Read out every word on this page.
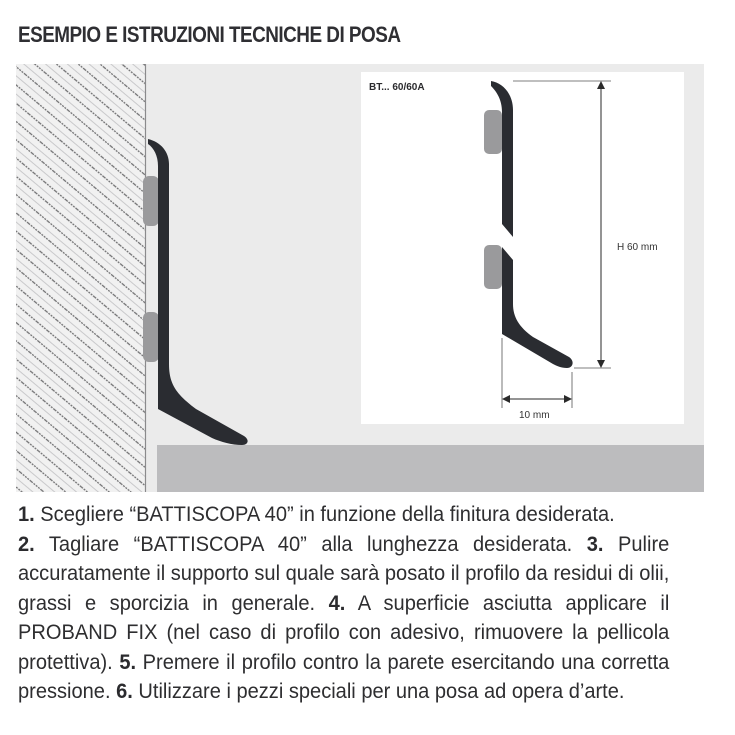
ESEMPIO E ISTRUZIONI TECNICHE DI POSA
BT... 60/60A
H 60 mm
10 mm
1. Scegliere “BATTISCOPA 40” in funzione della finitura desiderata.
2. Tagliare “BATTISCOPA 40” alla lunghezza desiderata. 3. Pulire accuratamente il supporto sul quale sarà posato il profilo da residui di olii, grassi e sporcizia in generale. 4. A superficie asciutta applicare il PROBAND FIX (nel caso di profilo con adesivo, rimuovere la pellicola protettiva). 5. Premere il profilo contro la parete esercitando una corretta pressione. 6. Utilizzare i pezzi speciali per una posa ad opera d’arte.
